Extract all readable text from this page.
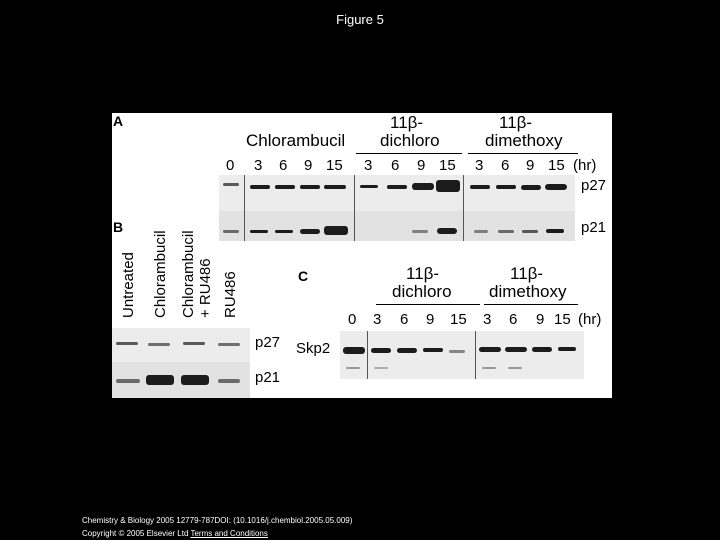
Figure 5
A
Chlorambucil
11β-
dichloro
11β-
dimethoxy
0 3 6 9 15 3 6 9 15 3 6 9 15 (hr)
p27
p21
B
Untreated Chlorambucil Chlorambucil + RU486 RU486
p27
p21
C	11β-
dichloro
11β-
dimethoxy
0 3 6 9 15 3 6 9 15 (hr)
Skp2
Chemistry & Biology 2005 12779-787DOI: (10.1016/j.chembiol.2005.05.009)
Copyright © 2005 Elsevier Ltd Terms and Conditions
